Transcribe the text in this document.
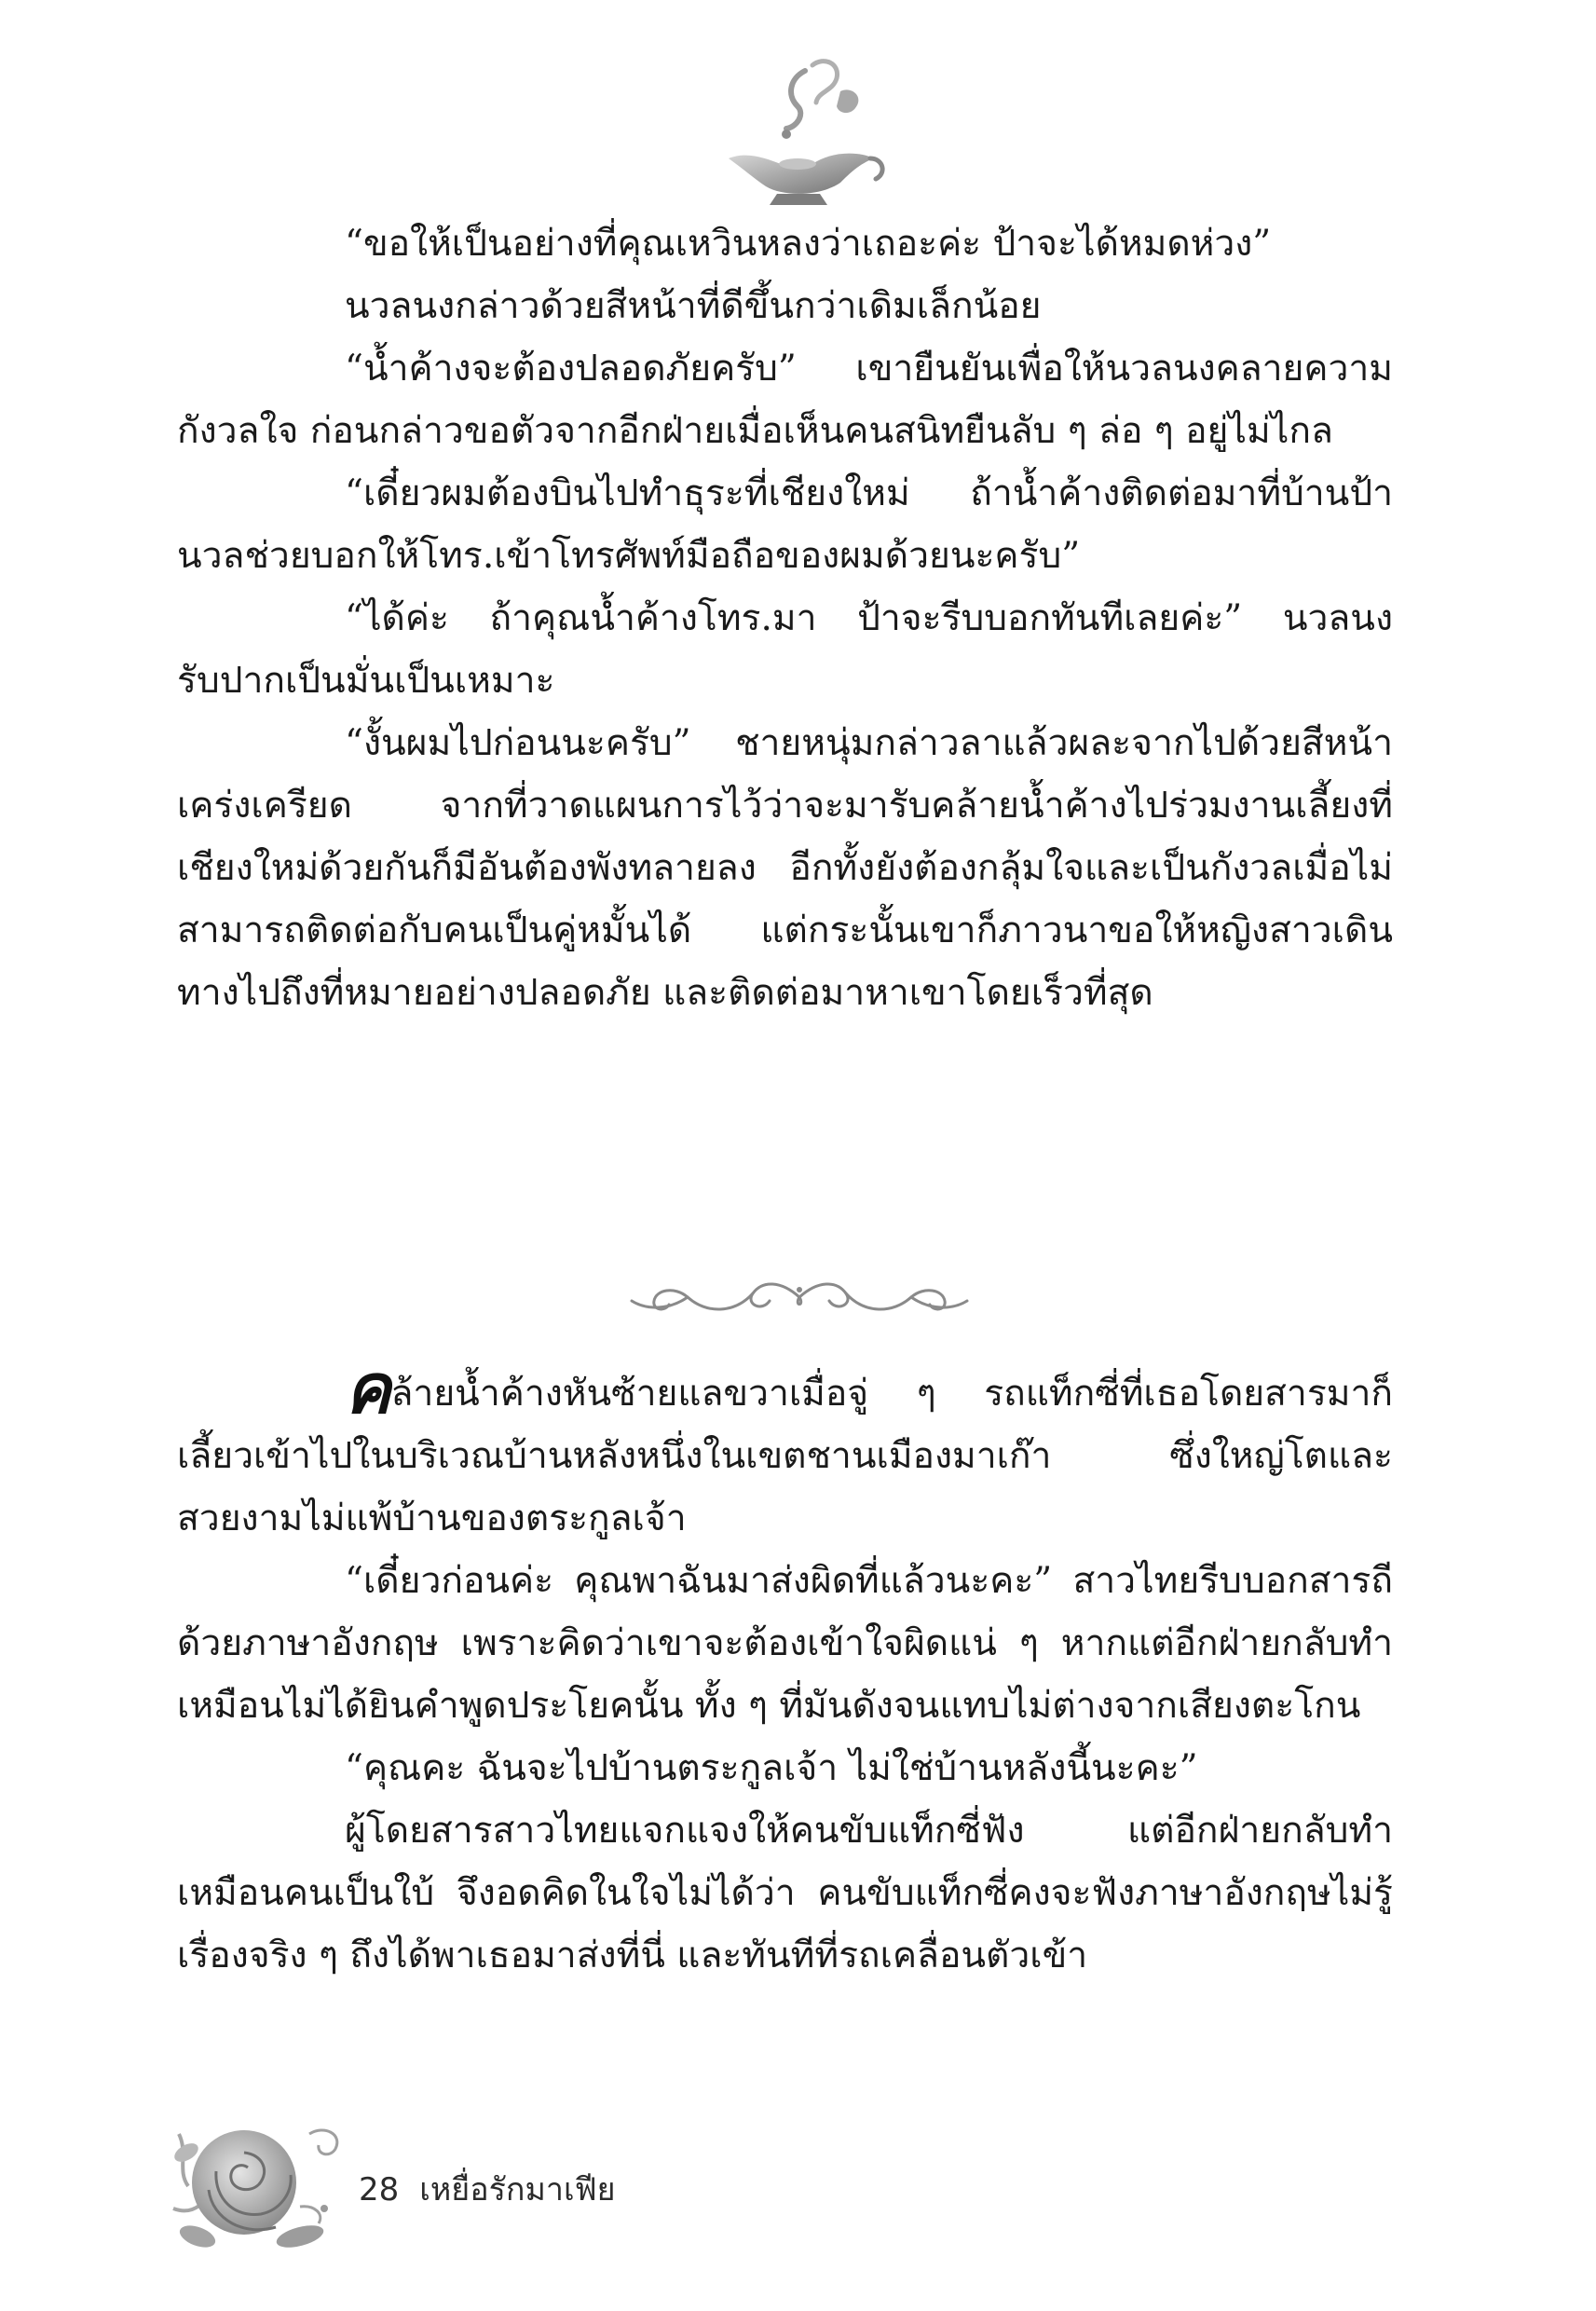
“ขอให้เป็นอย่างที่คุณเหวินหลงว่าเถอะค่ะ ป้าจะได้หมดห่วง”

นวลนงกล่าวด้วยสีหน้าที่ดีขึ้นกว่าเดิมเล็กน้อย

“น้ำค้างจะต้องปลอดภัยครับ” เขายืนยันเพื่อให้นวลนงคลายความกังวลใจ ก่อนกล่าวขอตัวจากอีกฝ่ายเมื่อเห็นคนสนิทยืนลับ ๆ ล่อ ๆ อยู่ไม่ไกล

“เดี๋ยวผมต้องบินไปทำธุระที่เชียงใหม่ ถ้าน้ำค้างติดต่อมาที่บ้านป้านวลช่วยบอกให้โทร.เข้าโทรศัพท์มือถือของผมด้วยนะครับ”

“ได้ค่ะ ถ้าคุณน้ำค้างโทร.มา ป้าจะรีบบอกทันทีเลยค่ะ” นวลนงรับปากเป็นมั่นเป็นเหมาะ

“งั้นผมไปก่อนนะครับ” ชายหนุ่มกล่าวลาแล้วผละจากไปด้วยสีหน้าเคร่งเครียด จากที่วาดแผนการไว้ว่าจะมารับคล้ายน้ำค้างไปร่วมงานเลี้ยงที่เชียงใหม่ด้วยกันก็มีอันต้องพังทลายลง อีกทั้งยังต้องกลุ้มใจและเป็นกังวลเมื่อไม่สามารถติดต่อกับคนเป็นคู่หมั้นได้ แต่กระนั้นเขาก็ภาวนาขอให้หญิงสาวเดินทางไปถึงที่หมายอย่างปลอดภัย และติดต่อมาหาเขาโดยเร็วที่สุด

คล้ายน้ำค้างหันซ้ายแลขวาเมื่อจู่ ๆ รถแท็กซี่ที่เธอโดยสารมาก็เลี้ยวเข้าไปในบริเวณบ้านหลังหนึ่งในเขตชานเมืองมาเก๊า ซึ่งใหญ่โตและสวยงามไม่แพ้บ้านของตระกูลเจ้า

“เดี๋ยวก่อนค่ะ คุณพาฉันมาส่งผิดที่แล้วนะคะ” สาวไทยรีบบอกสารถีด้วยภาษาอังกฤษ เพราะคิดว่าเขาจะต้องเข้าใจผิดแน่ ๆ หากแต่อีกฝ่ายกลับทำเหมือนไม่ได้ยินคำพูดประโยคนั้น ทั้ง ๆ ที่มันดังจนแทบไม่ต่างจากเสียงตะโกน

“คุณคะ ฉันจะไปบ้านตระกูลเจ้า ไม่ใช่บ้านหลังนี้นะคะ”

ผู้โดยสารสาวไทยแจกแจงให้คนขับแท็กซี่ฟัง แต่อีกฝ่ายกลับทำเหมือนคนเป็นใบ้ จึงอดคิดในใจไม่ได้ว่า คนขับแท็กซี่คงจะฟังภาษาอังกฤษไม่รู้เรื่องจริง ๆ ถึงได้พาเธอมาส่งที่นี่ และทันทีที่รถเคลื่อนตัวเข้า

28 เหยื่อรักมาเฟีย
